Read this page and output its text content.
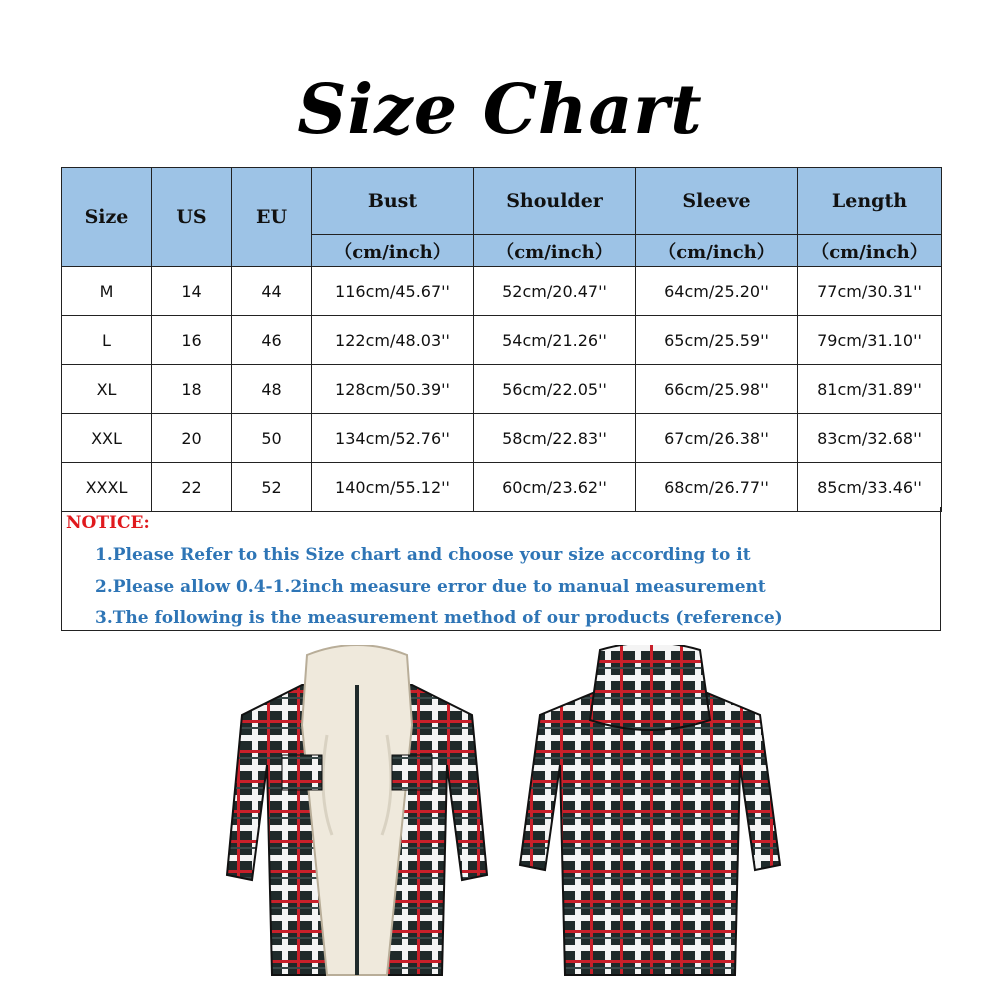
Size Chart
Size	US	EU	Bust	Shoulder	Sleeve	Length
			（cm/inch）	（cm/inch）	（cm/inch）	（cm/inch）
M	14	44	116cm/45.67''	52cm/20.47''	64cm/25.20''	77cm/30.31''
L	16	46	122cm/48.03''	54cm/21.26''	65cm/25.59''	79cm/31.10''
XL	18	48	128cm/50.39''	56cm/22.05''	66cm/25.98''	81cm/31.89''
XXL	20	50	134cm/52.76''	58cm/22.83''	67cm/26.38''	83cm/32.68''
XXXL	22	52	140cm/55.12''	60cm/23.62''	68cm/26.77''	85cm/33.46''
NOTICE:
1.Please Refer to this Size chart and choose your size according to it
2.Please allow 0.4-1.2inch measure error due to manual measurement
3.The following is the measurement method of our products (reference)
